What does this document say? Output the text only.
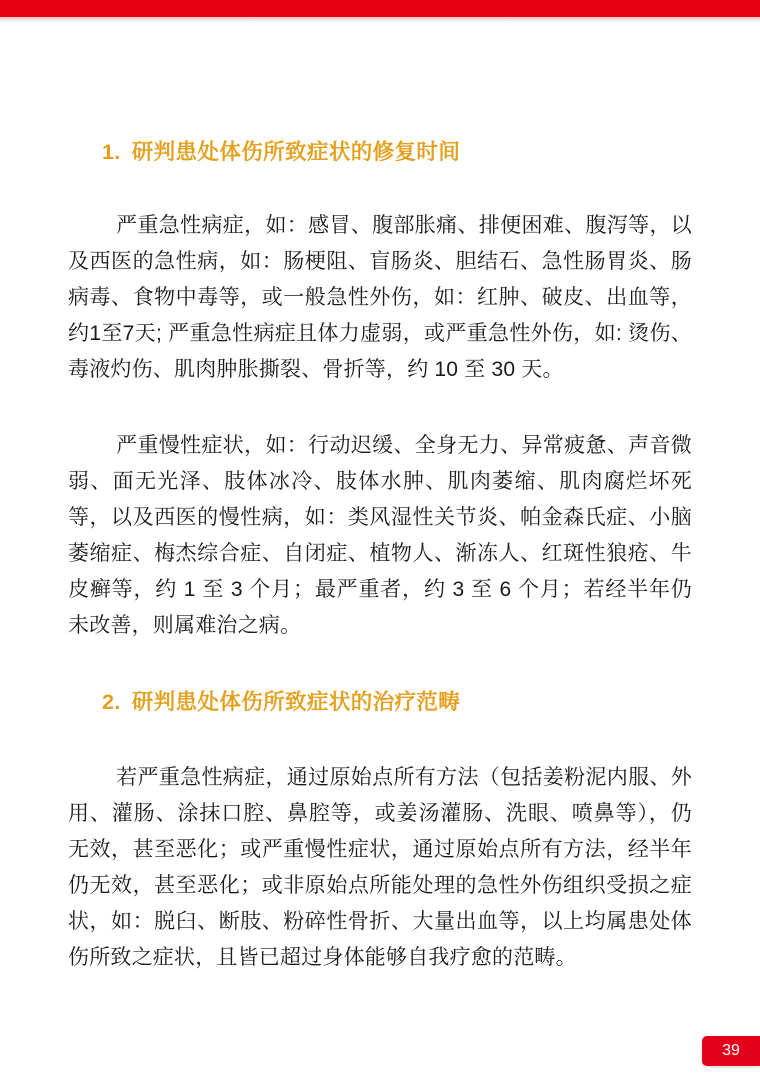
1. 研判患处体伤所致症状的修复时间
严重急性病症，如：感冒、腹部胀痛、排便困难、腹泻等，以及西医的急性病，如：肠梗阻、盲肠炎、胆结石、急性肠胃炎、肠病毒、食物中毒等，或一般急性外伤，如：红肿、破皮、出血等，约1至7天; 严重急性病症且体力虚弱，或严重急性外伤，如: 烫伤、毒液灼伤、肌肉肿胀撕裂、骨折等，约 10 至 30 天。
严重慢性症状，如：行动迟缓、全身无力、异常疲惫、声音微弱、面无光泽、肢体冰冷、肢体水肿、肌肉萎缩、肌肉腐烂坏死等，以及西医的慢性病，如：类风湿性关节炎、帕金森氏症、小脑萎缩症、梅杰综合症、自闭症、植物人、渐冻人、红斑性狼疮、牛皮癣等，约 1 至 3 个月；最严重者，约 3 至 6 个月；若经半年仍未改善，则属难治之病。
2. 研判患处体伤所致症状的治疗范畴
若严重急性病症，通过原始点所有方法（包括姜粉泥内服、外用、灌肠、涂抹口腔、鼻腔等，或姜汤灌肠、洗眼、喷鼻等），仍无效，甚至恶化；或严重慢性症状，通过原始点所有方法，经半年仍无效，甚至恶化；或非原始点所能处理的急性外伤组织受损之症状，如：脱臼、断肢、粉碎性骨折、大量出血等，以上均属患处体伤所致之症状，且皆已超过身体能够自我疗愈的范畴。
39
